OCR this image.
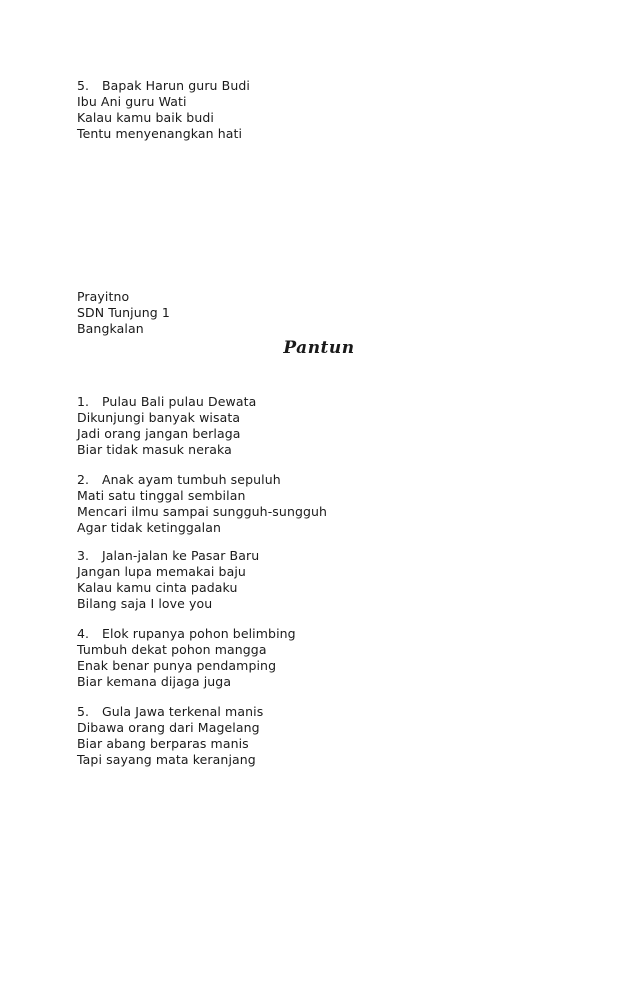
5. Bapak Harun guru Budi
Ibu Ani guru Wati
Kalau kamu baik budi
Tentu menyenangkan hati
Prayitno
SDN Tunjung 1
Bangkalan
Pantun
1. Pulau Bali pulau Dewata
Dikunjungi banyak wisata
Jadi orang jangan berlaga
Biar tidak masuk neraka
2. Anak ayam tumbuh sepuluh
Mati satu tinggal sembilan
Mencari ilmu sampai sungguh-sungguh
Agar tidak ketinggalan
3. Jalan-jalan ke Pasar Baru
Jangan lupa memakai baju
Kalau kamu cinta padaku
Bilang saja I love you
4. Elok rupanya pohon belimbing
Tumbuh dekat pohon mangga
Enak benar punya pendamping
Biar kemana dijaga juga
5. Gula Jawa terkenal manis
Dibawa orang dari Magelang
Biar abang berparas manis
Tapi sayang mata keranjang
